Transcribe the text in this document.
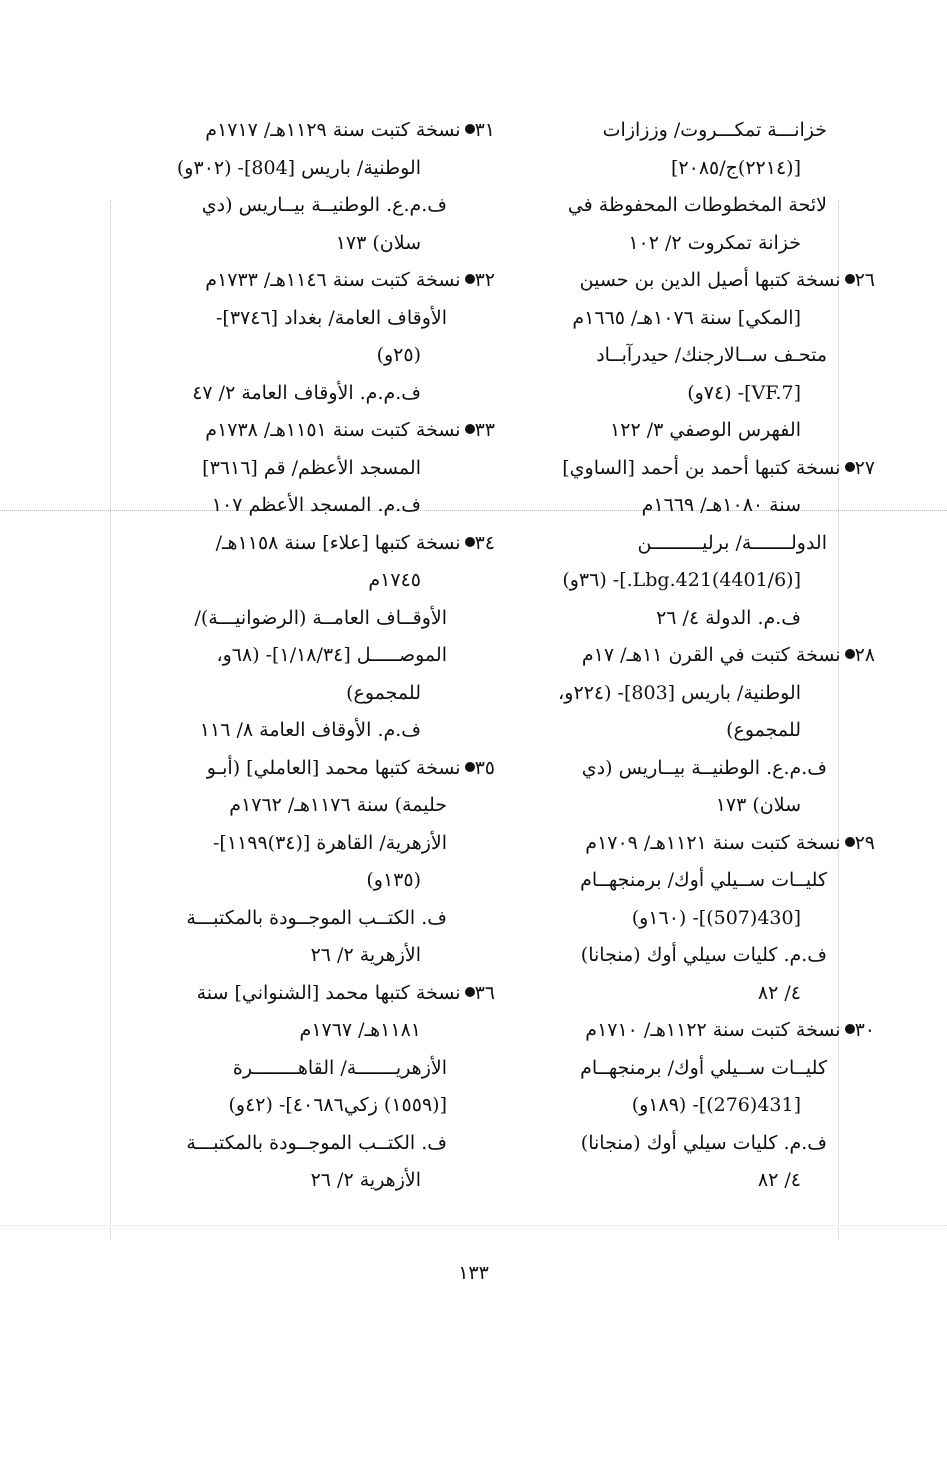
خزانـــة تمكـــروت/ وززازات
[(٢٢١٤)ج/٢٠٨٥]
لائحة المخطوطات المحفوظة في
خزانة تمكروت ٢/ ١٠٢
٢٦نسخة كتبها أصيل الدين بن حسين
[المكي] سنة ١٠٧٦هـ/ ١٦٦٥م
متحـف ســالارجنك/ حيدرآبــاد
[VF.7]- (٧٤و)
الفهرس الوصفي ٣/ ١٢٢
٢٧نسخة كتبها أحمد بن أحمد [الساوي]
سنة ١٠٨٠هـ/ ١٦٦٩م
الدولـــــــة/ برليـــــــــن
[(4401/6)Lbg.421.]- (٣٦و)
ف.م. الدولة ٤/ ٢٦
٢٨نسخة كتبت في القرن ١١هـ/ ١٧م
الوطنية/ باريس [803]- (٢٢٤و،
للمجموع)
ف.م.ع. الوطنيــة بيــاريس (دي
سلان) ١٧٣
٢٩نسخة كتبت سنة ١١٢١هـ/ ١٧٠٩م
كليــات ســيلي أوك/ برمنجهــام
[430(507)]- (١٦٠و)
ف.م. كليات سيلي أوك (منجانا)
٤/ ٨٢
٣٠نسخة كتبت سنة ١١٢٢هـ/ ١٧١٠م
كليــات ســيلي أوك/ برمنجهــام
[431(276)]- (١٨٩و)
ف.م. كليات سيلي أوك (منجانا)
٤/ ٨٢
٣١نسخة كتبت سنة ١١٢٩هـ/ ١٧١٧م
الوطنية/ باريس [804]- (٣٠٢و)
ف.م.ع. الوطنيــة بيــاريس (دي
سلان) ١٧٣
٣٢نسخة كتبت سنة ١١٤٦هـ/ ١٧٣٣م
الأوقاف العامة/ بغداد [٣٧٤٦]-
(٢٥و)
ف.م.م. الأوقاف العامة ٢/ ٤٧
٣٣نسخة كتبت سنة ١١٥١هـ/ ١٧٣٨م
المسجد الأعظم/ قم [٣٦١٦]
ف.م. المسجد الأعظم ١٠٧
٣٤نسخة كتبها [علاء] سنة ١١٥٨هـ/
١٧٤٥م
الأوقــاف العامــة (الرضوانيـــة)/
الموصـــــل [١/١٨/٣٤]- (٦٨و،
للمجموع)
ف.م. الأوقاف العامة ٨/ ١١٦
٣٥نسخة كتبها محمد [العاملي] (أبـو
حليمة) سنة ١١٧٦هـ/ ١٧٦٢م
الأزهرية/ القاهرة [(٣٤)١١٩٩]-
(١٣٥و)
ف. الكتــب الموجــودة بالمكتبـــة
الأزهرية ٢/ ٢٦
٣٦نسخة كتبها محمد [الشنواني] سنة
١١٨١هـ/ ١٧٦٧م
الأزهريـــــــة/ القاهــــــــرة
[(١٥٥٩) زكي٤٠٦٨٦]- (٤٢و)
ف. الكتــب الموجــودة بالمكتبـــة
الأزهرية ٢/ ٢٦
١٣٣
